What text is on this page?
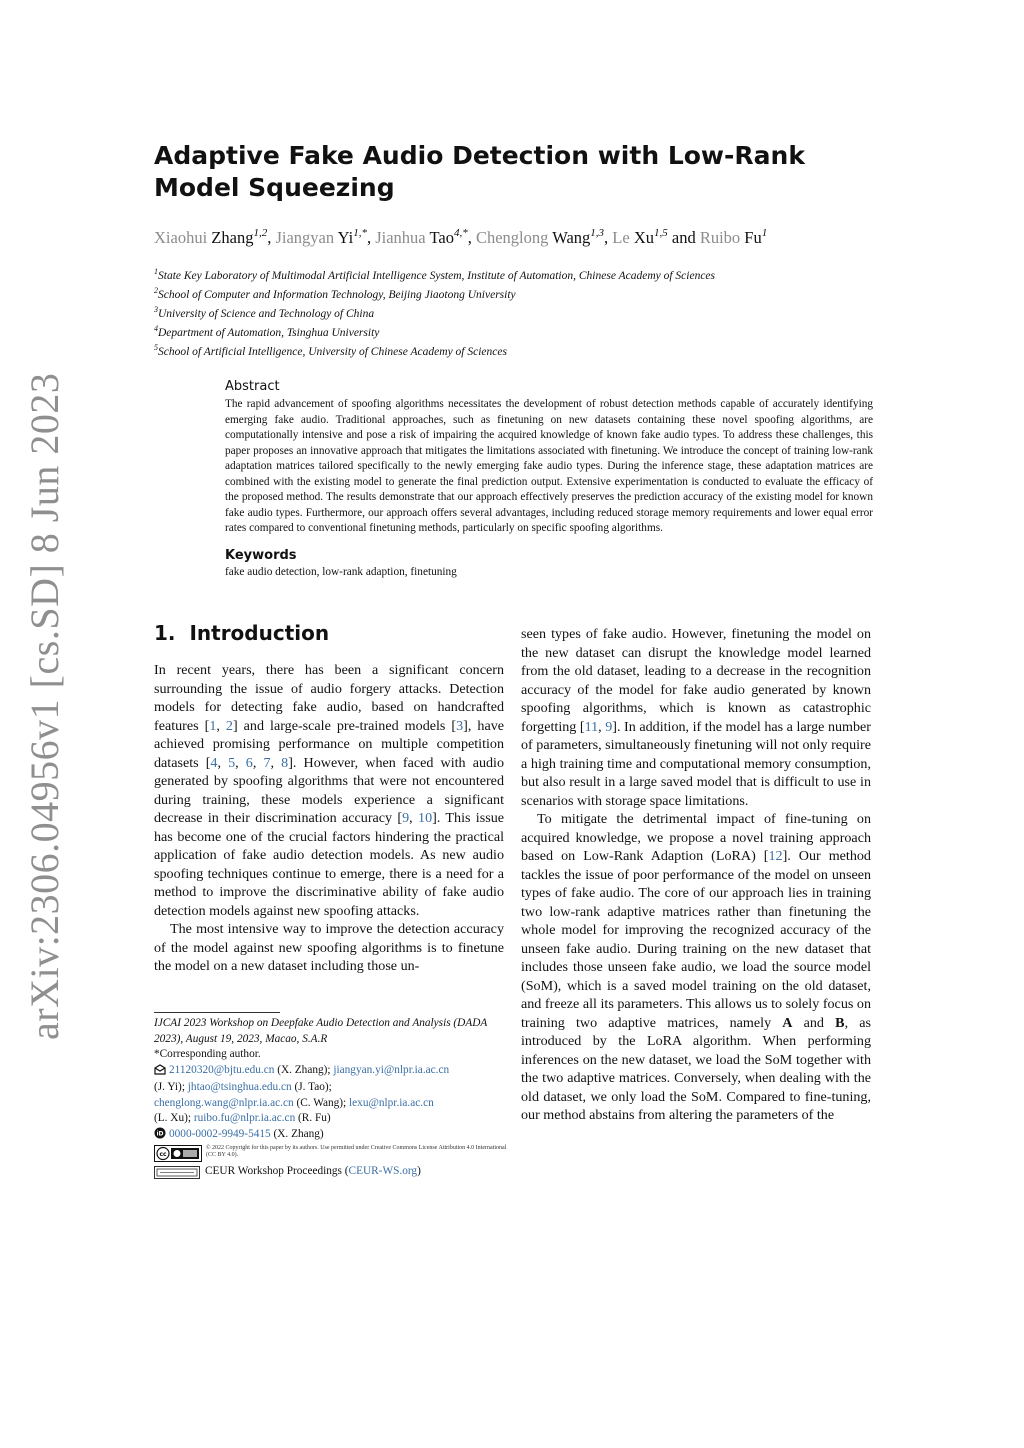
arXiv:2306.04956v1 [cs.SD] 8 Jun 2023
Adaptive Fake Audio Detection with Low-Rank Model Squeezing
Xiaohui Zhang$^{1,2}$, Jiangyan $Yi^{1,*}$, Jianhua Tao$^{4,*}$, Chenglong Wang$^{1,3}$, Le Xu$^{1,5}$ and Ruibo Fu$^1$
$^1$State Key Laboratory of Multimodal Artificial Intelligence System, Institute of Automation, Chinese Academy of Sciences
$^2$School of Computer and Information Technology, Beijing Jiaotong University
$^3$University of Science and Technology of China
$^4$Department of Automation, Tsinghua University
$^5$School of Artificial Intelligence, University of Chinese Academy of Sciences
Abstract
The rapid advancement of spoofing algorithms necessitates the development of robust detection methods capable of accurately identifying emerging fake audio. Traditional approaches, such as finetuning on new datasets containing these novel spoofing algorithms, are computationally intensive and pose a risk of impairing the acquired knowledge of known fake audio types. To address these challenges, this paper proposes an innovative approach that mitigates the limitations associated with finetuning. We introduce the concept of training low-rank adaptation matrices tailored specifically to the newly emerging fake audio types. During the inference stage, these adaptation matrices are combined with the existing model to generate the final prediction output. Extensive experimentation is conducted to evaluate the efficacy of the proposed method. The results demonstrate that our approach effectively preserves the prediction accuracy of the existing model for known fake audio types. Furthermore, our approach offers several advantages, including reduced storage memory requirements and lower equal error rates compared to conventional finetuning methods, particularly on specific spoofing algorithms.
Keywords
fake audio detection, low-rank adaption, finetuning
1. Introduction

In recent years, there has been a significant concern surrounding the issue of audio forgery attacks. Detection models for detecting fake audio, based on handcrafted features [1, 2] and large-scale pre-trained models [3], have achieved promising performance on multiple competition datasets [4, 5, 6, 7, 8]. However, when faced with audio generated by spoofing algorithms that were not encountered during training, these models experience a significant decrease in their discrimination accuracy [9, 10]. This issue has become one of the crucial factors hindering the practical application of fake audio detection models. As new audio spoofing techniques continue to emerge, there is a need for a method to improve the discriminative ability of fake audio detection models against new spoofing attacks.

The most intensive way to improve the detection accuracy of the model against new spoofing algorithms is to finetune the model on a new dataset including those un-

seen types of fake audio. However, finetuning the model on the new dataset can disrupt the knowledge model learned from the old dataset, leading to a decrease in the recognition accuracy of the model for fake audio generated by known spoofing algorithms, which is known as catastrophic forgetting [11, 9]. In addition, if the model has a large number of parameters, simultaneously finetuning will not only require a high training time and computational memory consumption, but also result in a large saved model that is difficult to use in scenarios with storage space limitations.

To mitigate the detrimental impact of fine-tuning on acquired knowledge, we propose a novel training approach based on Low-Rank Adaption (LoRA) [12]. Our method tackles the issue of poor performance of the model on unseen types of fake audio. The core of our approach lies in training two low-rank adaptive matrices rather than finetuning the whole model for improving the recognized accuracy of the unseen fake audio. During training on the new dataset that includes those unseen fake audio, we load the source model (SoM), which is a saved model training on the old dataset, and freeze all its parameters. This allows us to solely focus on training two adaptive matrices, namely A and B, as introduced by the LoRA algorithm. When performing inferences on the new dataset, we load the SoM together with the two adaptive matrices. Conversely, when dealing with the old dataset, we only load the SoM. Compared to fine-tuning, our method abstains from altering the parameters of the

IJCAI 2023 Workshop on Deepfake Audio Detection and Analysis (DADA 2023), August 19, 2023, Macao, S.A.R
*Corresponding author.
21120320@bjtu.edu.cn (X. Zhang); jiangyan.yi@nlpr.ia.ac.cn
(J. Yi); jhtao@tsinghua.edu.cn (J. Tao);
chenglong.wang@nlpr.ia.ac.cn (C. Wang); lexu@nlpr.ia.ac.cn
(L. Xu); ruibo.fu@nlpr.ia.ac.cn (R. Fu)
iD 0000-0002-9949-5415 (X. Zhang)
cc
© 2022 Copyright for this paper by its authors. Use permitted under Creative Commons License Attribution 4.0 International (CC BY 4.0).
CEUR Workshop Proceedings ( CEUR-WS.org )
